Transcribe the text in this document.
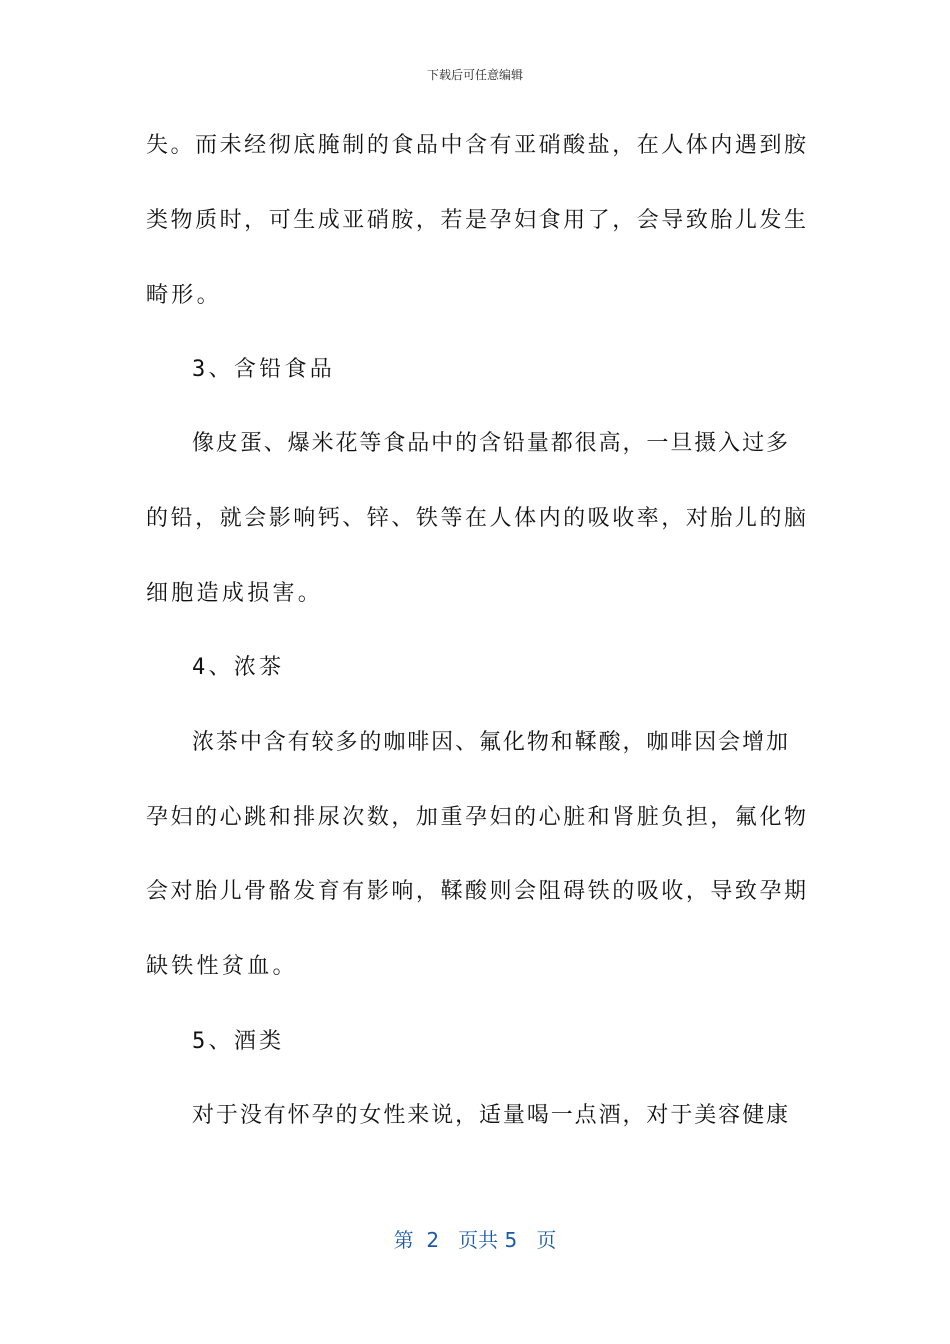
下载后可任意编辑
失。而未经彻底腌制的食品中含有亚硝酸盐，在人体内遇到胺
类物质时，可生成亚硝胺，若是孕妇食用了，会导致胎儿发生
畸形。
3、含铅食品
像皮蛋、爆米花等食品中的含铅量都很高，一旦摄入过多
的铅，就会影响钙、锌、铁等在人体内的吸收率，对胎儿的脑
细胞造成损害。
4、浓茶
浓茶中含有较多的咖啡因、氟化物和鞣酸，咖啡因会增加
孕妇的心跳和排尿次数，加重孕妇的心脏和肾脏负担，氟化物
会对胎儿骨骼发育有影响，鞣酸则会阻碍铁的吸收，导致孕期
缺铁性贫血。
5、酒类
对于没有怀孕的女性来说，适量喝一点酒，对于美容健康
第  2   页共 5   页
